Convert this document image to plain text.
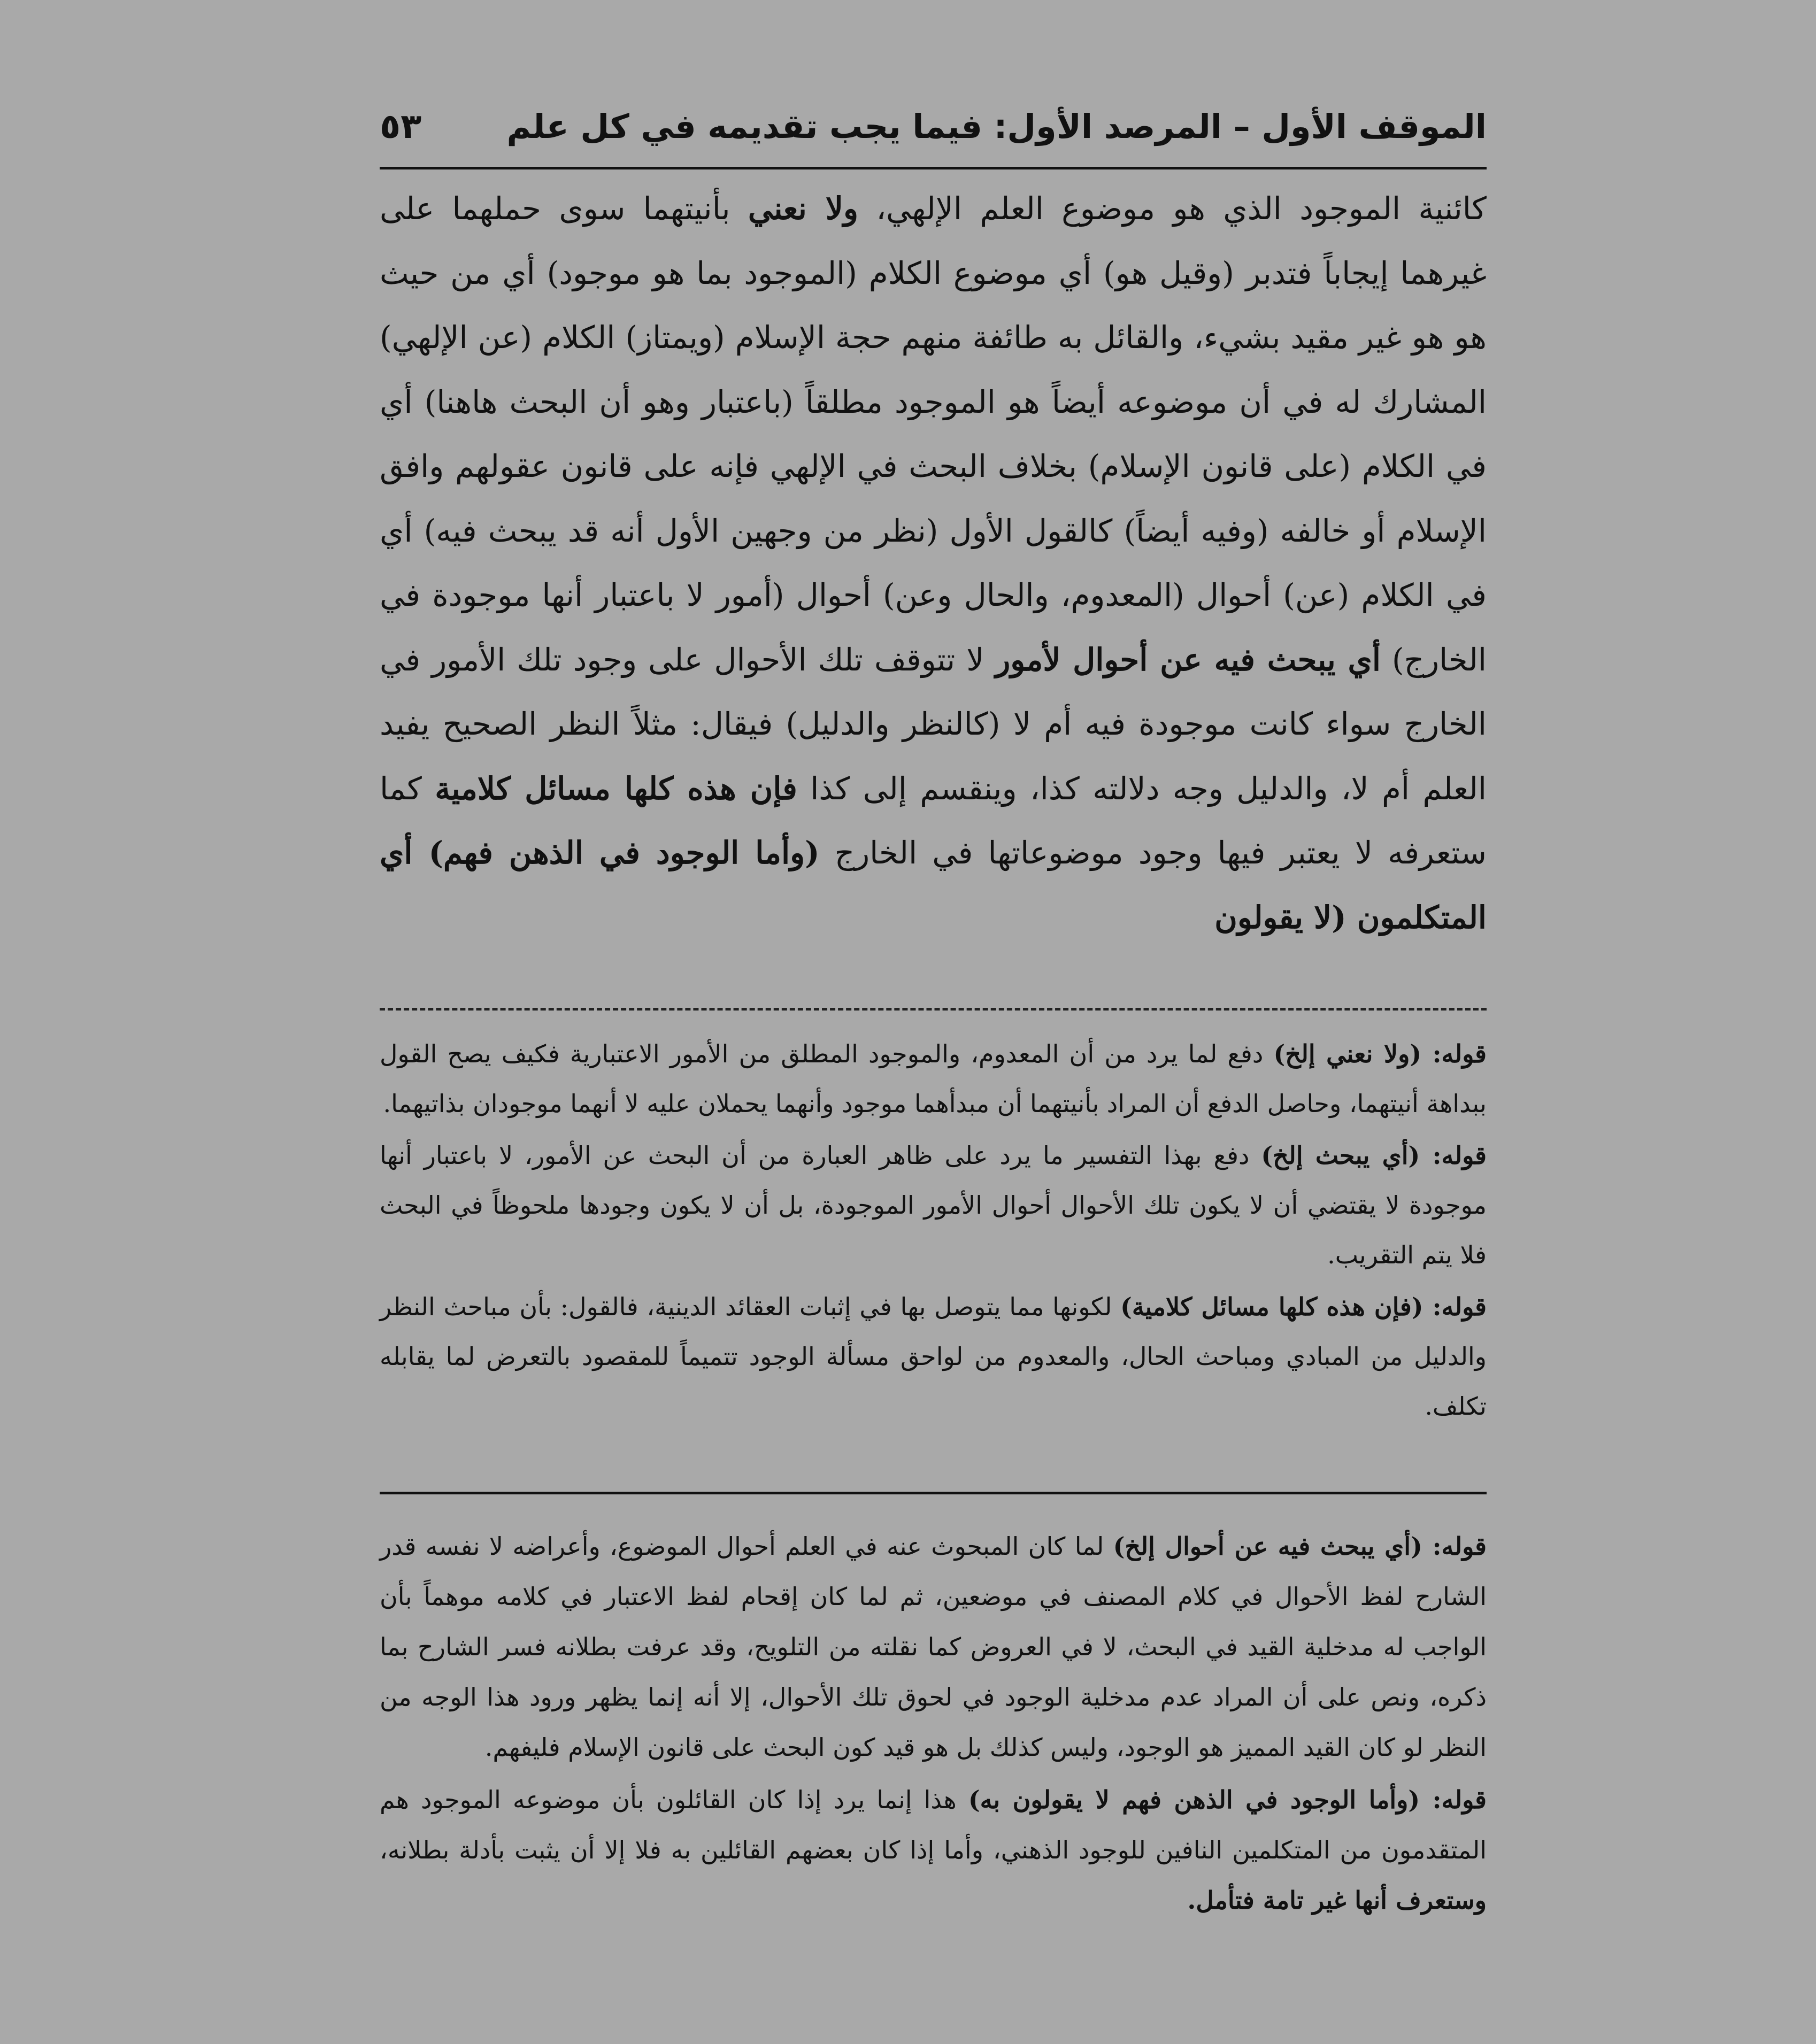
الموقف الأول – المرصد الأول: فيما يجب تقديمه في كل علم
٥٣

كائنية الموجود الذي هو موضوع العلم الإلهي، ولا نعني بأنيتهما سوى حملهما على غيرهما إيجاباً فتدبر (وقيل هو) أي موضوع الكلام (الموجود بما هو موجود) أي من حيث هو هو غير مقيد بشيء، والقائل به طائفة منهم حجة الإسلام (ويمتاز) الكلام (عن الإلهي) المشارك له في أن موضوعه أيضاً هو الموجود مطلقاً (باعتبار وهو أن البحث هاهنا) أي في الكلام (على قانون الإسلام) بخلاف البحث في الإلهي فإنه على قانون عقولهم وافق الإسلام أو خالفه (وفيه أيضاً) كالقول الأول (نظر من وجهين الأول أنه قد يبحث فيه) أي في الكلام (عن) أحوال (المعدوم، والحال وعن) أحوال (أمور لا باعتبار أنها موجودة في الخارج) أي يبحث فيه عن أحوال لأمور لا تتوقف تلك الأحوال على وجود تلك الأمور في الخارج سواء كانت موجودة فيه أم لا (كالنظر والدليل) فيقال: مثلاً النظر الصحيح يفيد العلم أم لا، والدليل وجه دلالته كذا، وينقسم إلى كذا فإن هذه كلها مسائل كلامية كما ستعرفه لا يعتبر فيها وجود موضوعاتها في الخارج (وأما الوجود في الذهن فهم) أي المتكلمون (لا يقولون

قوله: (ولا نعني إلخ) دفع لما يرد من أن المعدوم، والموجود المطلق من الأمور الاعتبارية فكيف يصح القول ببداهة أنيتهما، وحاصل الدفع أن المراد بأنيتهما أن مبدأهما موجود وأنهما يحملان عليه لا أنهما موجودان بذاتيهما.

قوله: (أي يبحث إلخ) دفع بهذا التفسير ما يرد على ظاهر العبارة من أن البحث عن الأمور، لا باعتبار أنها موجودة لا يقتضي أن لا يكون تلك الأحوال أحوال الأمور الموجودة، بل أن لا يكون وجودها ملحوظاً في البحث فلا يتم التقريب.

قوله: (فإن هذه كلها مسائل كلامية) لكونها مما يتوصل بها في إثبات العقائد الدينية، فالقول: بأن مباحث النظر والدليل من المبادي ومباحث الحال، والمعدوم من لواحق مسألة الوجود تتميماً للمقصود بالتعرض لما يقابله تكلف.

قوله: (أي يبحث فيه عن أحوال إلخ) لما كان المبحوث عنه في العلم أحوال الموضوع، وأعراضه لا نفسه قدر الشارح لفظ الأحوال في كلام المصنف في موضعين، ثم لما كان إقحام لفظ الاعتبار في كلامه موهماً بأن الواجب له مدخلية القيد في البحث، لا في العروض كما نقلته من التلويح، وقد عرفت بطلانه فسر الشارح بما ذكره، ونص على أن المراد عدم مدخلية الوجود في لحوق تلك الأحوال، إلا أنه إنما يظهر ورود هذا الوجه من النظر لو كان القيد المميز هو الوجود، وليس كذلك بل هو قيد كون البحث على قانون الإسلام فليفهم.

قوله: (وأما الوجود في الذهن فهم لا يقولون به) هذا إنما يرد إذا كان القائلون بأن موضوعه الموجود هم المتقدمون من المتكلمين النافين للوجود الذهني، وأما إذا كان بعضهم القائلين به فلا إلا أن يثبت بأدلة بطلانه، وستعرف أنها غير تامة فتأمل.
